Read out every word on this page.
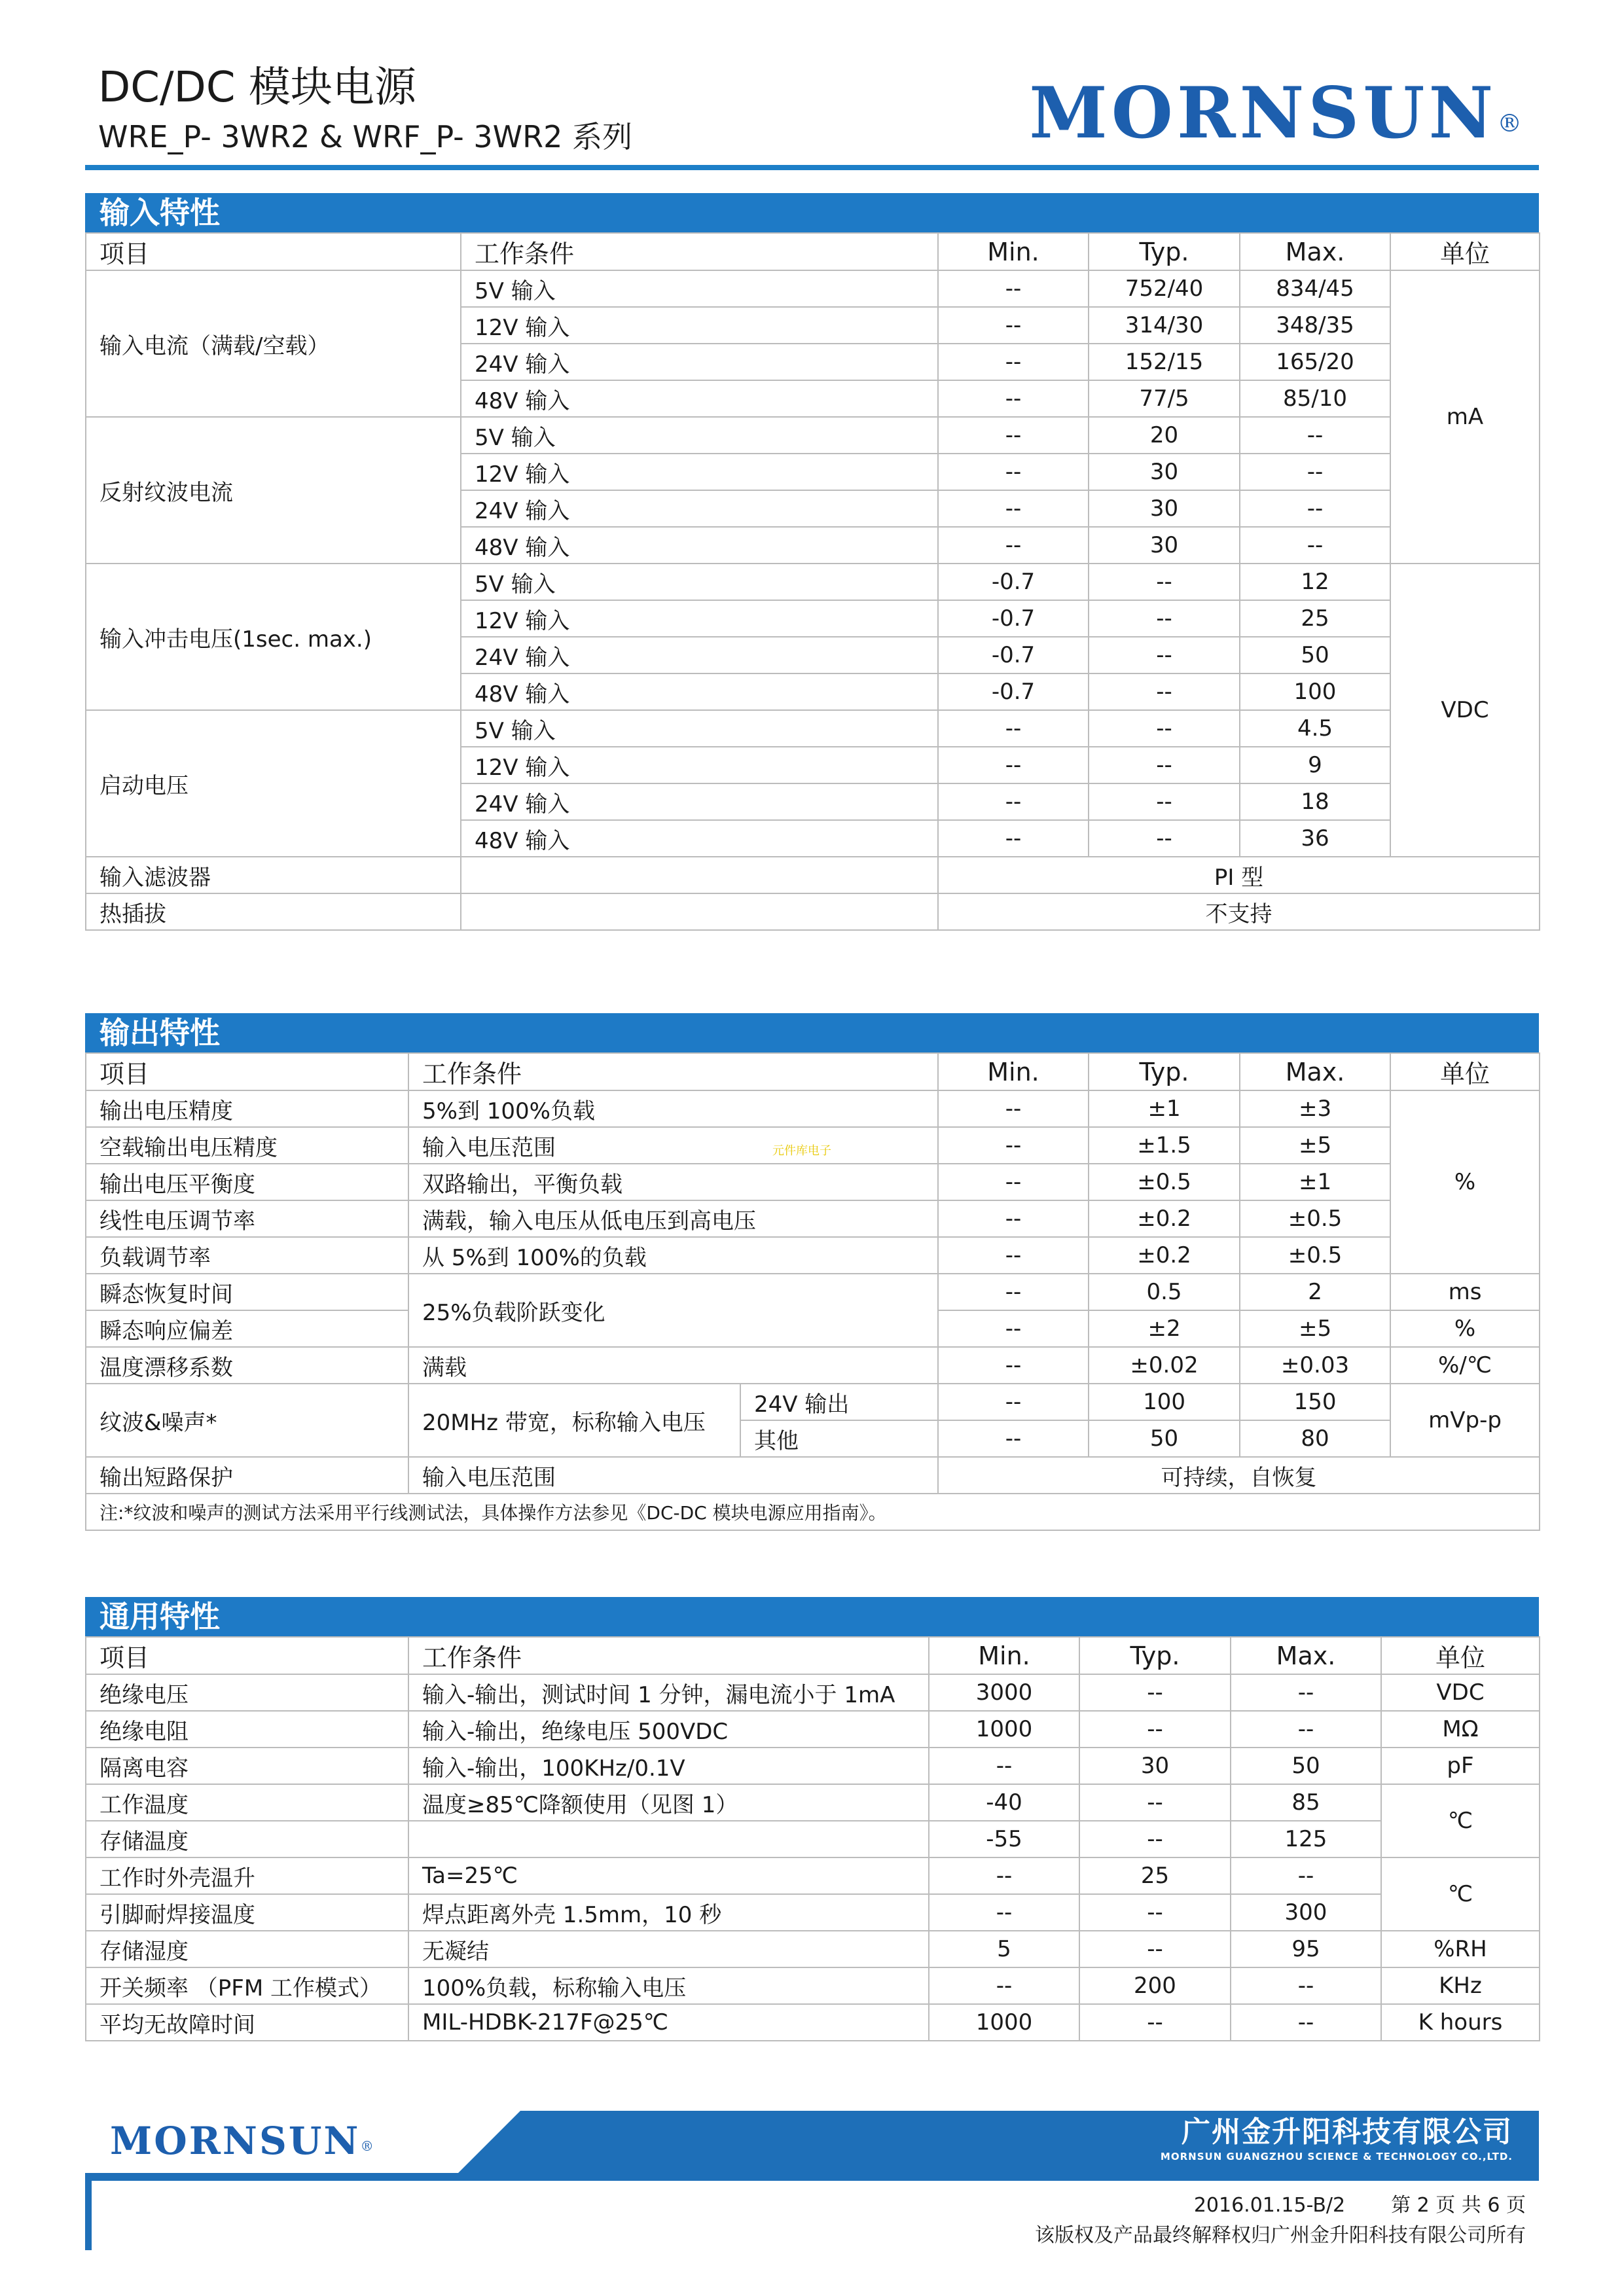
DC/DC 模块电源
WRE_P- 3WR2 & WRF_P- 3WR2 系列	MORNSUN®
输入特性
项目	工作条件	Min.	Typ.	Max.	单位
输入电流（满载/空载）	5V 输入	--	752/40	834/45	mA
	12V 输入	--	314/30	348/35	
	24V 输入	--	152/15	165/20	
	48V 输入	--	77/5	85/10	
反射纹波电流	5V 输入	--	20	--	
	12V 输入	--	30	--	
	24V 输入	--	30	--	
	48V 输入	--	30	--	
输入冲击电压(1sec. max.)	5V 输入	-0.7	--	12	VDC
	12V 输入	-0.7	--	25	
	24V 输入	-0.7	--	50	
	48V 输入	-0.7	--	100	
启动电压	5V 输入	--	--	4.5	
	12V 输入	--	--	9	
	24V 输入	--	--	18	
	48V 输入	--	--	36	
输入滤波器		PI 型			
热插拔		不支持			
输出特性
项目	工作条件		Min.	Typ.	Max.	单位
输出电压精度	5%到 100%负载		--	±1	±3	%
空载输出电压精度	输入电压范围		--	±1.5	±5	
输出电压平衡度	双路输出，平衡负载		--	±0.5	±1	
线性电压调节率	满载，输入电压从低电压到高电压		--	±0.2	±0.5	
负载调节率	从 5%到 100%的负载		--	±0.2	±0.5	
瞬态恢复时间	25%负载阶跃变化		--	0.5	2	ms
瞬态响应偏差			--	±2	±5	%
温度漂移系数	满载		--	±0.02	±0.03	%/℃
纹波&噪声*	20MHz 带宽，标称输入电压	24V 输出	--	100	150	mVp-p
		其他	--	50	80	
输出短路保护	输入电压范围		可持续，自恢复			
注:*纹波和噪声的测试方法采用平行线测试法，具体操作方法参见《DC-DC 模块电源应用指南》。						
元件库电子
通用特性
项目	工作条件	Min.	Typ.	Max.	单位
绝缘电压	输入-输出，测试时间 1 分钟，漏电流小于 1mA	3000	--	--	VDC
绝缘电阻	输入-输出，绝缘电压 500VDC	1000	--	--	MΩ
隔离电容	输入-输出，100KHz/0.1V	--	30	50	pF
工作温度	温度≥85℃降额使用（见图 1）	-40	--	85	℃
存储温度		-55	--	125	
工作时外壳温升	Ta=25℃	--	25	--	℃
引脚耐焊接温度	焊点距离外壳 1.5mm，10 秒	--	--	300	
存储湿度	无凝结	5	--	95	%RH
开关频率 （PFM 工作模式）	100%负载，标称输入电压	--	200	--	KHz
平均无故障时间	MIL-HDBK-217F@25℃	1000	--	--	K hours
MORNSUN®	广州金升阳科技有限公司
MORNSUN GUANGZHOU SCIENCE & TECHNOLOGY CO.,LTD.
2016.01.15-B/2 第 2 页 共 6 页
该版权及产品最终解释权归广州金升阳科技有限公司所有
